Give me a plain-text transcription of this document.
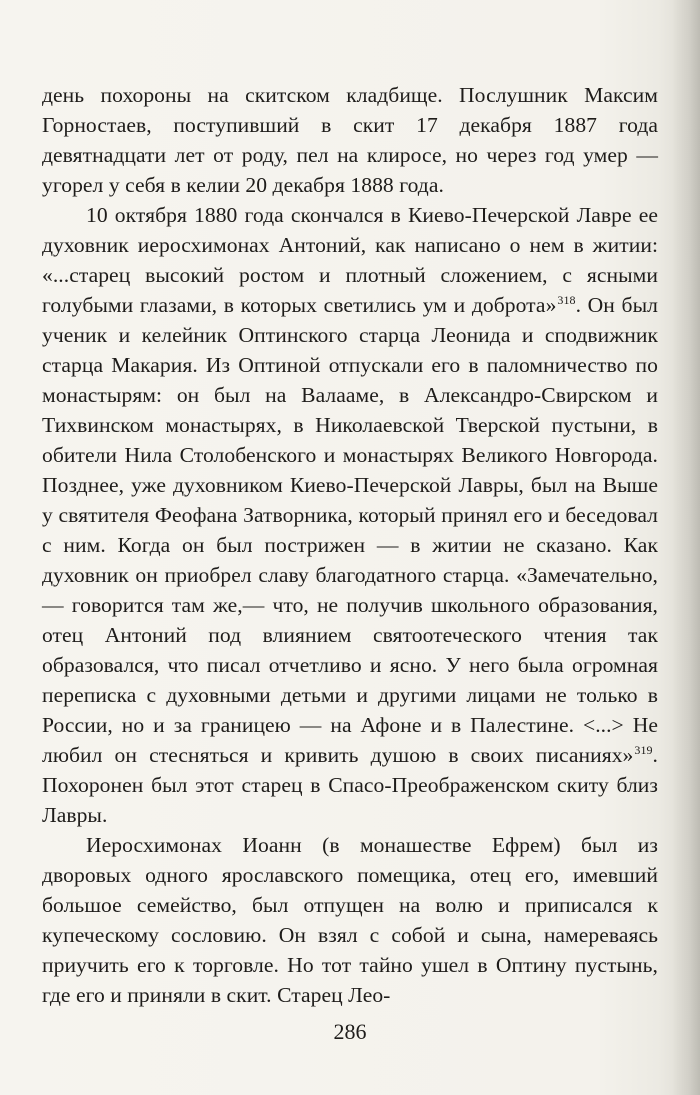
день похороны на скитском кладбище. Послушник Максим Горностаев, поступивший в скит 17 декабря 1887 года девятнадцати лет от роду, пел на клиросе, но через год умер — угорел у себя в келии 20 декабря 1888 года.

10 октября 1880 года скончался в Киево-Печерской Лавре ее духовник иеросхимонах Антоний, как написано о нем в житии: «...старец высокий ростом и плотный сложением, с ясными голубыми глазами, в которых светились ум и доброта»$^{318}$. Он был ученик и келейник Оптинского старца Леонида и сподвижник старца Макария. Из Оптиной отпускали его в паломничество по монастырям: он был на Валааме, в Александро-Свирском и Тихвинском монастырях, в Николаевской Тверской пустыни, в обители Нила Столобенского и монастырях Великого Новгорода. Позднее, уже духовником Киево-Печерской Лавры, был на Выше у святителя Феофана Затворника, который принял его и беседовал с ним. Когда он был пострижен — в житии не сказано. Как духовник он приобрел славу благодатного старца. «Замечательно,— говорится там же,— что, не получив школьного образования, отец Антоний под влиянием святоотеческого чтения так образовался, что писал отчетливо и ясно. У него была огромная переписка с духовными детьми и другими лицами не только в России, но и за границею — на Афоне и в Палестине. <...> Не любил он стесняться и кривить душою в своих писаниях»$^{319}$. Похоронен был этот старец в Спасо-Преображенском скиту близ Лавры.

Иеросхимонах Иоанн (в монашестве Ефрем) был из дворовых одного ярославского помещика, отец его, имевший большое семейство, был отпущен на волю и приписался к купеческому сословию. Он взял с собой и сына, намереваясь приучить его к торговле. Но тот тайно ушел в Оптину пустынь, где его и приняли в скит. Старец Лео-

286
